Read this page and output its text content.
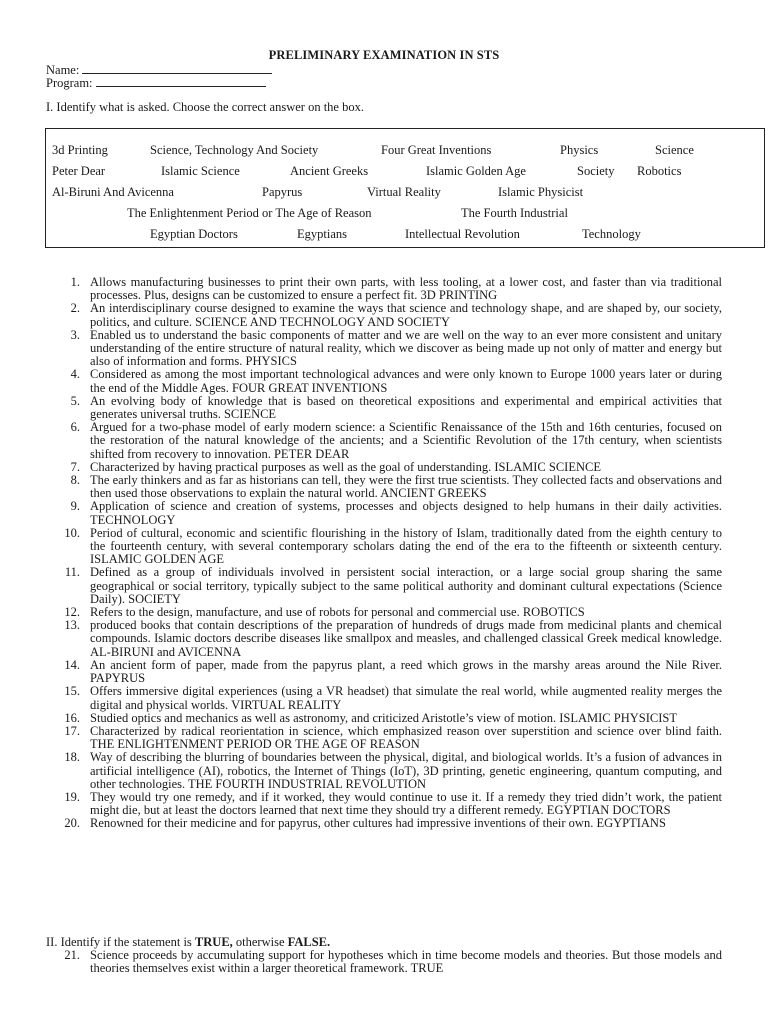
PRELIMINARY EXAMINATION IN STS
Name:
Program:
I. Identify what is asked. Choose the correct answer on the box.
3d Printing	Science, Technology And Society	Four Great Inventions	Physics	Science
Peter Dear	Islamic Science	Ancient Greeks	Islamic Golden Age	Society Robotics
Al-Biruni And Avicenna	Papyrus	Virtual Reality	Islamic Physicist
The Enlightenment Period or The Age of Reason	The Fourth Industrial
Egyptian Doctors	Egyptians	Intellectual Revolution	Technology
1. Allows manufacturing businesses to print their own parts, with less tooling, at a lower cost, and faster than via traditional processes. Plus, designs can be customized to ensure a perfect fit. 3D PRINTING
2. An interdisciplinary course designed to examine the ways that science and technology shape, and are shaped by, our society, politics, and culture. SCIENCE AND TECHNOLOGY AND SOCIETY
3. Enabled us to understand the basic components of matter and we are well on the way to an ever more consistent and unitary understanding of the entire structure of natural reality, which we discover as being made up not only of matter and energy but also of information and forms. PHYSICS
4. Considered as among the most important technological advances and were only known to Europe 1000 years later or during the end of the Middle Ages. FOUR GREAT INVENTIONS
5. An evolving body of knowledge that is based on theoretical expositions and experimental and empirical activities that generates universal truths. SCIENCE
6. Argued for a two-phase model of early modern science: a Scientific Renaissance of the 15th and 16th centuries, focused on the restoration of the natural knowledge of the ancients; and a Scientific Revolution of the 17th century, when scientists shifted from recovery to innovation. PETER DEAR
7. Characterized by having practical purposes as well as the goal of understanding. ISLAMIC SCIENCE
8. The early thinkers and as far as historians can tell, they were the first true scientists. They collected facts and observations and then used those observations to explain the natural world. ANCIENT GREEKS
9. Application of science and creation of systems, processes and objects designed to help humans in their daily activities. TECHNOLOGY
10. Period of cultural, economic and scientific flourishing in the history of Islam, traditionally dated from the eighth century to the fourteenth century, with several contemporary scholars dating the end of the era to the fifteenth or sixteenth century. ISLAMIC GOLDEN AGE
11. Defined as a group of individuals involved in persistent social interaction, or a large social group sharing the same geographical or social territory, typically subject to the same political authority and dominant cultural expectations (Science Daily). SOCIETY
12. Refers to the design, manufacture, and use of robots for personal and commercial use. ROBOTICS
13. produced books that contain descriptions of the preparation of hundreds of drugs made from medicinal plants and chemical compounds. Islamic doctors describe diseases like smallpox and measles, and challenged classical Greek medical knowledge. AL-BIRUNI and AVICENNA
14. An ancient form of paper, made from the papyrus plant, a reed which grows in the marshy areas around the Nile River. PAPYRUS
15. Offers immersive digital experiences (using a VR headset) that simulate the real world, while augmented reality merges the digital and physical worlds. VIRTUAL REALITY
16. Studied optics and mechanics as well as astronomy, and criticized Aristotle’s view of motion. ISLAMIC PHYSICIST
17. Characterized by radical reorientation in science, which emphasized reason over superstition and science over blind faith. THE ENLIGHTENMENT PERIOD OR THE AGE OF REASON
18. Way of describing the blurring of boundaries between the physical, digital, and biological worlds. It’s a fusion of advances in artificial intelligence (AI), robotics, the Internet of Things (IoT), 3D printing, genetic engineering, quantum computing, and other technologies. THE FOURTH INDUSTRIAL REVOLUTION
19. They would try one remedy, and if it worked, they would continue to use it. If a remedy they tried didn’t work, the patient might die, but at least the doctors learned that next time they should try a different remedy. EGYPTIAN DOCTORS
20. Renowned for their medicine and for papyrus, other cultures had impressive inventions of their own. EGYPTIANS
II. Identify if the statement is TRUE, otherwise FALSE.
21. Science proceeds by accumulating support for hypotheses which in time become models and theories. But those models and theories themselves exist within a larger theoretical framework. TRUE
